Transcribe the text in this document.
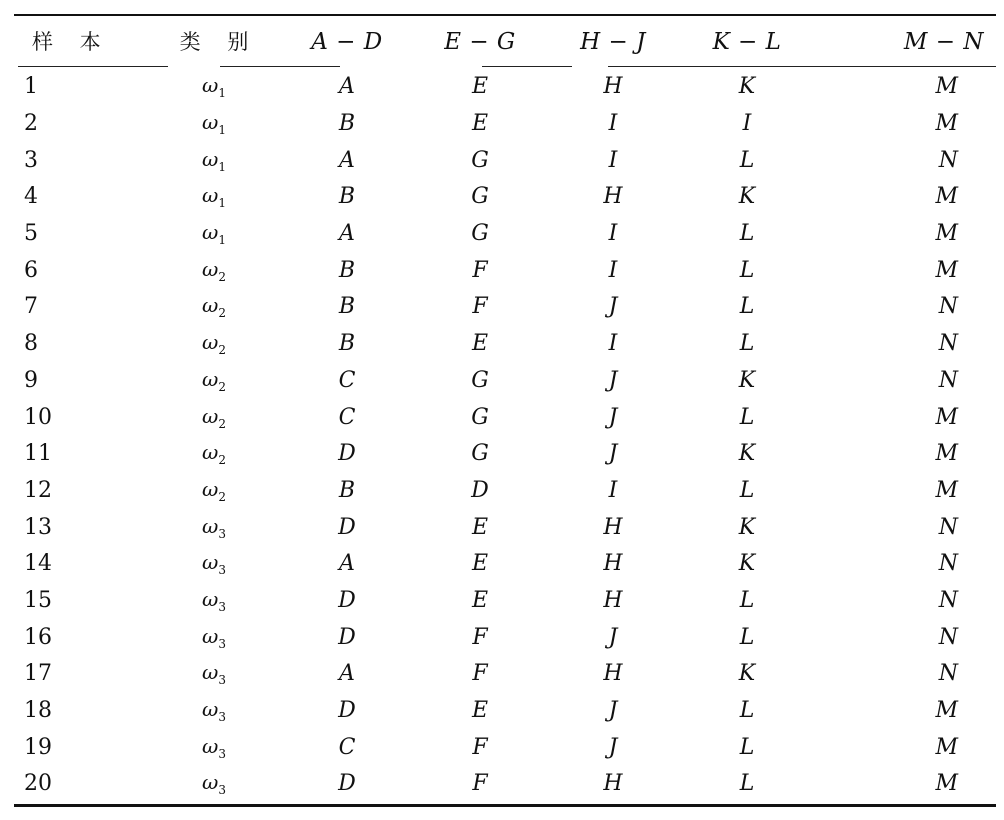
样 本	类 别	A − D	E − G	H − J	K − L	M − N
1	$\omega_1$	A	E	H	K	M
2	$\omega_1$	B	E	I	I	M
3	$\omega_1$	A	G	I	L	N
4	$\omega_1$	B	G	H	K	M
5	$\omega_1$	A	G	I	L	M
6	$\omega_2$	B	F	I	L	M
7	$\omega_2$	B	F	J	L	N
8	$\omega_2$	B	E	I	L	N
9	$\omega_2$	C	G	J	K	N
10	$\omega_2$	C	G	J	L	M
11	$\omega_2$	D	G	J	K	M
12	$\omega_2$	B	D	I	L	M
13	$\omega_3$	D	E	H	K	N
14	$\omega_3$	A	E	H	K	N
15	$\omega_3$	D	E	H	L	N
16	$\omega_3$	D	F	J	L	N
17	$\omega_3$	A	F	H	K	N
18	$\omega_3$	D	E	J	L	M
19	$\omega_3$	C	F	J	L	M
20	$\omega_3$	D	F	H	L	M
